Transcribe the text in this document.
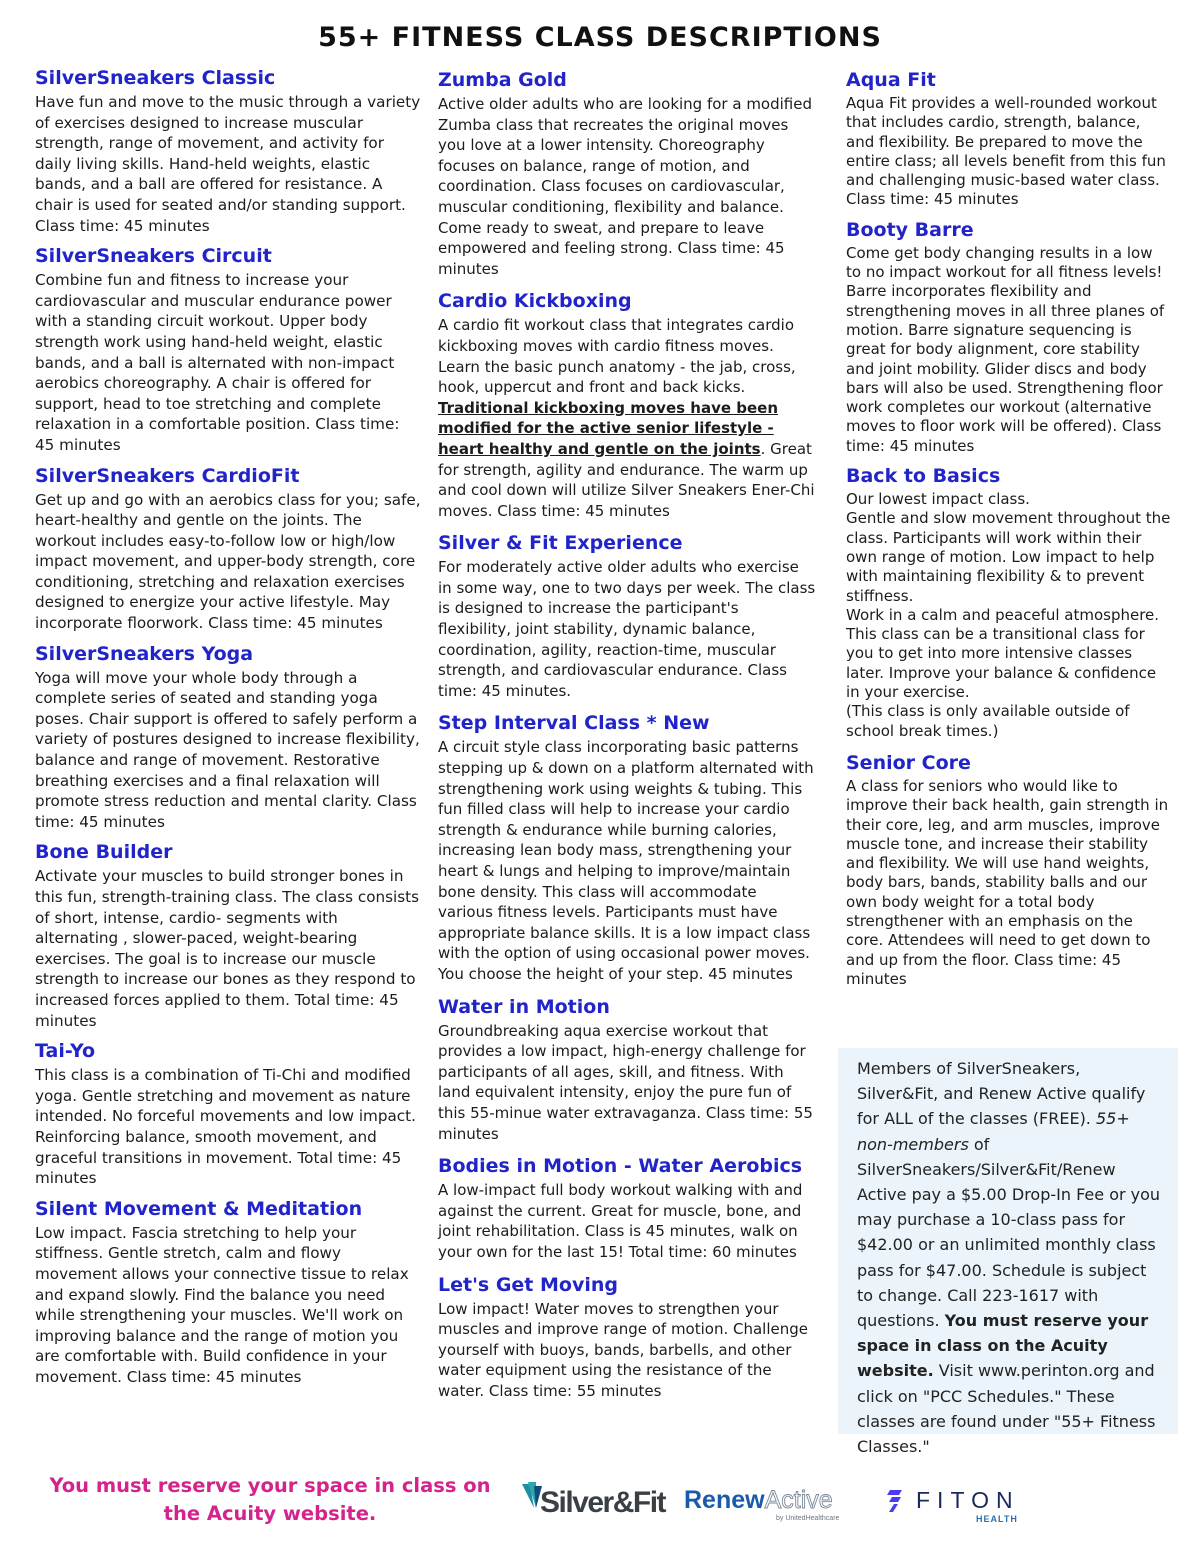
55+ FITNESS CLASS DESCRIPTIONS
SilverSneakers Classic

Have fun and move to the music through a variety of exercises designed to increase muscular strength, range of movement, and activity for daily living skills. Hand-held weights, elastic bands, and a ball are offered for resistance. A chair is used for seated and/or standing support. Class time: 45 minutes

SilverSneakers Circuit

Combine fun and fitness to increase your cardiovascular and muscular endurance power with a standing circuit workout. Upper body strength work using hand-held weight, elastic bands, and a ball is alternated with non-impact aerobics choreography. A chair is offered for support, head to toe stretching and complete relaxation in a comfortable position. Class time: 45 minutes

SilverSneakers CardioFit

Get up and go with an aerobics class for you; safe, heart-healthy and gentle on the joints. The workout includes easy-to-follow low or high/low impact movement, and upper-body strength, core conditioning, stretching and relaxation exercises designed to energize your active lifestyle. May incorporate floorwork. Class time: 45 minutes

SilverSneakers Yoga

Yoga will move your whole body through a complete series of seated and standing yoga poses. Chair support is offered to safely perform a variety of postures designed to increase flexibility, balance and range of movement. Restorative breathing exercises and a final relaxation will promote stress reduction and mental clarity. Class time: 45 minutes

Bone Builder

Activate your muscles to build stronger bones in this fun, strength-training class. The class consists of short, intense, cardio- segments with alternating , slower-paced, weight-bearing exercises. The goal is to increase our muscle strength to increase our bones as they respond to increased forces applied to them. Total time: 45 minutes

Tai-Yo

This class is a combination of Ti-Chi and modified yoga. Gentle stretching and movement as nature intended. No forceful movements and low impact. Reinforcing balance, smooth movement, and graceful transitions in movement. Total time: 45 minutes

Silent Movement & Meditation

Low impact. Fascia stretching to help your stiffness. Gentle stretch, calm and flowy movement allows your connective tissue to relax and expand slowly. Find the balance you need while strengthening your muscles. We'll work on improving balance and the range of motion you are comfortable with. Build confidence in your movement. Class time: 45 minutes

Zumba Gold

Active older adults who are looking for a modified Zumba class that recreates the original moves you love at a lower intensity. Choreography focuses on balance, range of motion, and coordination. Class focuses on cardiovascular, muscular conditioning, flexibility and balance. Come ready to sweat, and prepare to leave empowered and feeling strong. Class time: 45 minutes

Cardio Kickboxing

A cardio fit workout class that integrates cardio kickboxing moves with cardio fitness moves. Learn the basic punch anatomy - the jab, cross, hook, uppercut and front and back kicks. Traditional kickboxing moves have been modified for the active senior lifestyle - heart healthy and gentle on the joints. Great for strength, agility and endurance. The warm up and cool down will utilize Silver Sneakers Ener-Chi moves. Class time: 45 minutes

Silver & Fit Experience

For moderately active older adults who exercise in some way, one to two days per week. The class is designed to increase the participant's flexibility, joint stability, dynamic balance, coordination, agility, reaction-time, muscular strength, and cardiovascular endurance. Class time: 45 minutes.

Step Interval Class * New

A circuit style class incorporating basic patterns stepping up & down on a platform alternated with strengthening work using weights & tubing. This fun filled class will help to increase your cardio strength & endurance while burning calories, increasing lean body mass, strengthening your heart & lungs and helping to improve/maintain bone density. This class will accommodate various fitness levels. Participants must have appropriate balance skills. It is a low impact class with the option of using occasional power moves. You choose the height of your step. 45 minutes

Water in Motion

Groundbreaking aqua exercise workout that provides a low impact, high-energy challenge for participants of all ages, skill, and fitness. With land equivalent intensity, enjoy the pure fun of this 55-minue water extravaganza. Class time: 55 minutes

Bodies in Motion - Water Aerobics

A low-impact full body workout walking with and against the current. Great for muscle, bone, and joint rehabilitation. Class is 45 minutes, walk on your own for the last 15! Total time: 60 minutes

Let's Get Moving

Low impact! Water moves to strengthen your muscles and improve range of motion. Challenge yourself with buoys, bands, barbells, and other water equipment using the resistance of the water. Class time: 55 minutes

Aqua Fit

Aqua Fit provides a well-rounded workout that includes cardio, strength, balance, and flexibility. Be prepared to move the entire class; all levels benefit from this fun and challenging music-based water class. Class time: 45 minutes

Booty Barre

Come get body changing results in a low to no impact workout for all fitness levels! Barre incorporates flexibility and strengthening moves in all three planes of motion. Barre signature sequencing is great for body alignment, core stability and joint mobility. Glider discs and body bars will also be used. Strengthening floor work completes our workout (alternative moves to floor work will be offered). Class time: 45 minutes

Back to Basics

Our lowest impact class.

Gentle and slow movement throughout the class. Participants will work within their own range of motion. Low impact to help with maintaining flexibility & to prevent stiffness.

Work in a calm and peaceful atmosphere. This class can be a transitional class for you to get into more intensive classes later. Improve your balance & confidence in your exercise.

(This class is only available outside of school break times.)

Senior Core

A class for seniors who would like to improve their back health, gain strength in their core, leg, and arm muscles, improve muscle tone, and increase their stability and flexibility. We will use hand weights, body bars, bands, stability balls and our own body weight for a total body strengthener with an emphasis on the core. Attendees will need to get down to and up from the floor. Class time: 45 minutes

Members of SilverSneakers, Silver&Fit, and Renew Active qualify for ALL of the classes (FREE). 55+ non-members of SilverSneakers/Silver&Fit/Renew Active pay a $5.00 Drop-In Fee or you may purchase a 10-class pass for $42.00 or an unlimited monthly class pass for $47.00. Schedule is subject to change. Call 223-1617 with questions. You must reserve your space in class on the Acuity website. Visit www.perinton.org and click on "PCC Schedules." These classes are found under "55+ Fitness Classes."
You must reserve your space in class on
the Acuity website.	Silver&Fit RenewActive
by UnitedHealthcare
FITON
HEALTH
